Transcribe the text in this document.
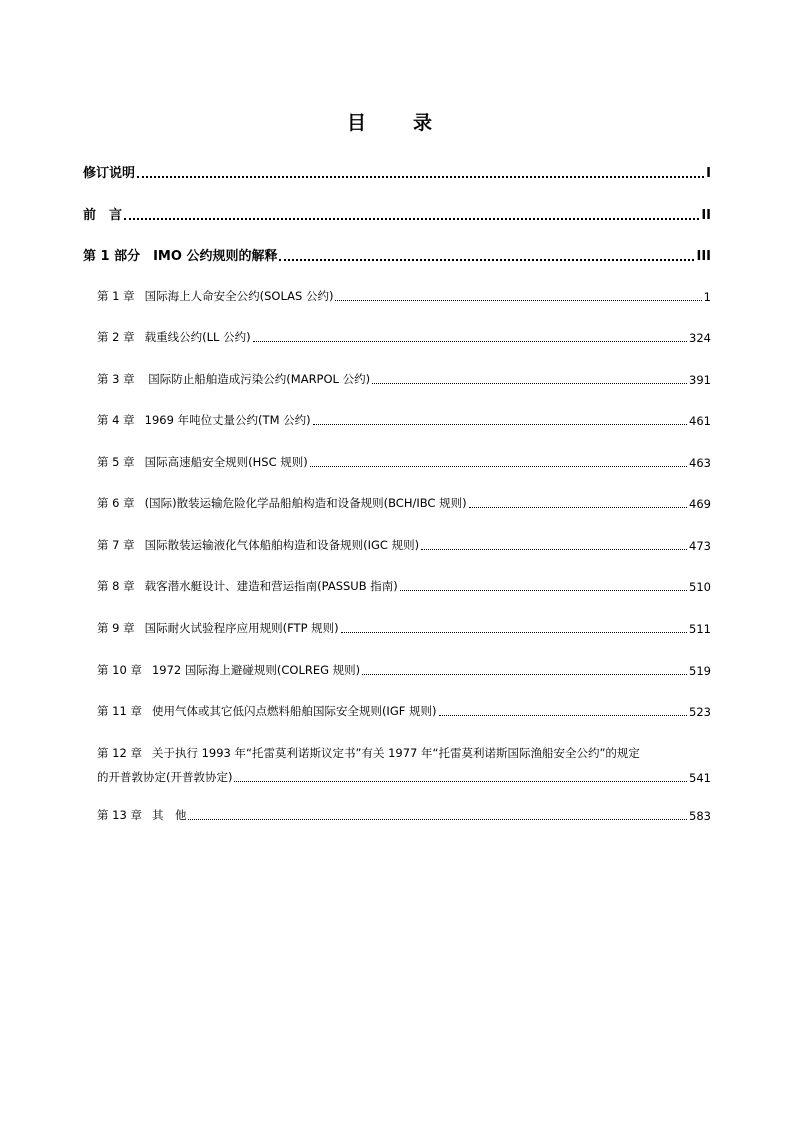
目　录
修订说明	I
前　言	II
第 1 部分　IMO 公约规则的解释	III
第 1 章 国际海上人命安全公约(SOLAS 公约)	1
第 2 章 载重线公约(LL 公约)	324
第 3 章 国际防止船舶造成污染公约(MARPOL 公约)	391
第 4 章 1969 年吨位丈量公约(TM 公约)	461
第 5 章 国际高速船安全规则(HSC 规则)	463
第 6 章 (国际)散装运输危险化学品船舶构造和设备规则(BCH/IBC 规则)	469
第 7 章 国际散装运输液化气体船舶构造和设备规则(IGC 规则)	473
第 8 章 载客潜水艇设计、建造和营运指南(PASSUB 指南)	510
第 9 章 国际耐火试验程序应用规则(FTP 规则)	511
第 10 章 1972 国际海上避碰规则(COLREG 规则)	519
第 11 章 使用气体或其它低闪点燃料船舶国际安全规则(IGF 规则)	523
第 12 章 关于执行 1993 年“托雷莫利诺斯议定书”有关 1977 年“托雷莫利诺斯国际渔船安全公约”的规定
的开普敦协定(开普敦协定)	541
第 13 章 其　他	583
